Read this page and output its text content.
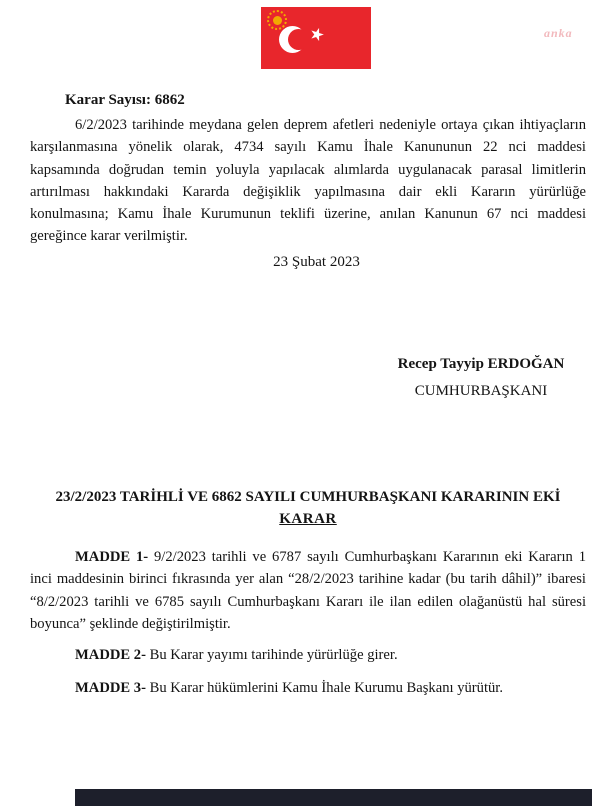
★	anka
Karar Sayısı: 6862

6/2/2023 tarihinde meydana gelen deprem afetleri nedeniyle ortaya çıkan ihtiyaçların karşılanmasına yönelik olarak, 4734 sayılı Kamu İhale Kanununun 22 nci maddesi kapsamında doğrudan temin yoluyla yapılacak alımlarda uygulanacak parasal limitlerin artırılması hakkındaki Kararda değişiklik yapılmasına dair ekli Kararın yürürlüğe konulmasına; Kamu İhale Kurumunun teklifi üzerine, anılan Kanunun 67 nci maddesi gereğince karar verilmiştir.

23 Şubat 2023
Recep Tayyip ERDOĞAN
CUMHURBAŞKANI
23/2/2023 TARİHLİ VE 6862 SAYILI CUMHURBAŞKANI KARARININ EKİ
KARAR

MADDE 1- 9/2/2023 tarihli ve 6787 sayılı Cumhurbaşkanı Kararının eki Kararın 1 inci maddesinin birinci fıkrasında yer alan “28/2/2023 tarihine kadar (bu tarih dâhil)” ibaresi “8/2/2023 tarihli ve 6785 sayılı Cumhurbaşkanı Kararı ile ilan edilen olağanüstü hal süresi boyunca” şeklinde değiştirilmiştir.

MADDE 2- Bu Karar yayımı tarihinde yürürlüğe girer.

MADDE 3- Bu Karar hükümlerini Kamu İhale Kurumu Başkanı yürütür.
